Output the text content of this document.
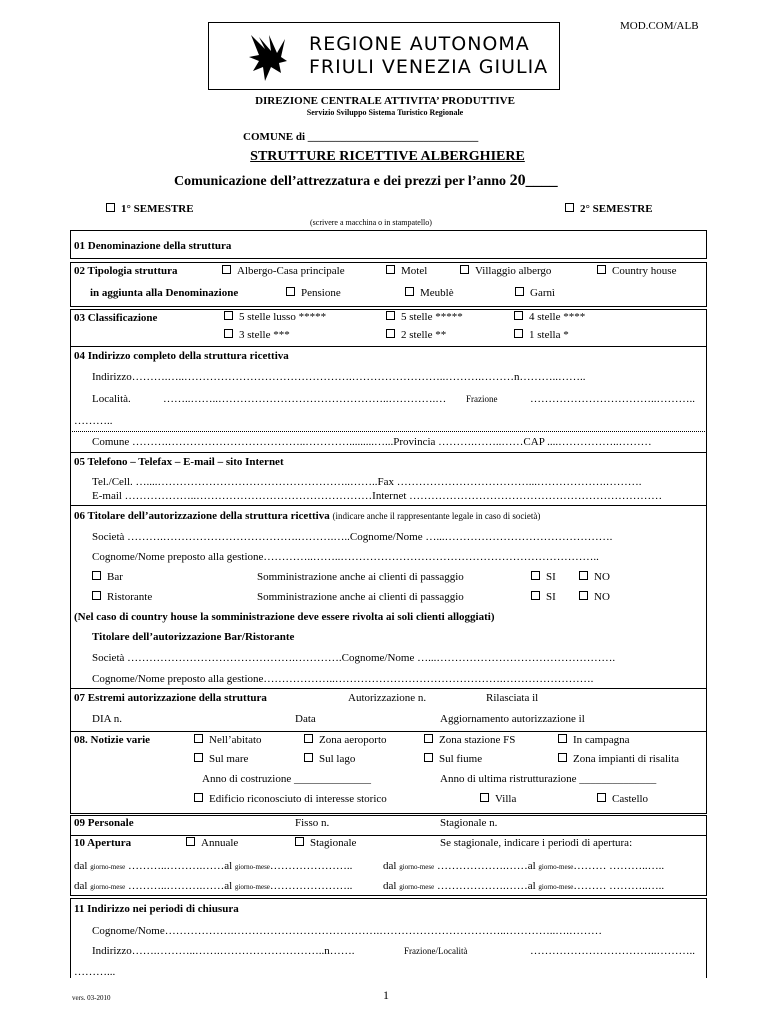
MOD.COM/ALB
REGIONE AUTONOMA
FRIULI VENEZIA GIULIA
DIREZIONE CENTRALE ATTIVITA’ PRODUTTIVE
Servizio Sviluppo Sistema Turistico Regionale
COMUNE di _______________________________
STRUTTURE RICETTIVE ALBERGHIERE
Comunicazione dell’attrezzatura e dei prezzi per l’anno 20____
1° SEMESTRE	2° SEMESTRE
(scrivere a macchina o in stampatello)
01 Denominazione della struttura
02 Tipologia struttura	Albergo-Casa principale	Motel	Villaggio albergo	Country house
in aggiunta alla Denominazione	Pensione	Meublè	Garnì
03 Classificazione	5 stelle lusso *****	5 stelle *****	4 stelle ****
3 stelle ***	2 stelle **	1 stella *
04 Indirizzo completo della struttura ricettiva
Indirizzo……….…..……………………………………….……………………..……….………n………..……..
Località.	……..……..………………………………………..………….… Frazione	……………………………..………..
………..
Comune ……….………………………………..………….........…...Provincia ……….……..……CAP ....……………..………
05 Telefono – Telefax – E-mail – sito Internet
Tel./Cell. …....……………………………………………..……..Fax ………………………………...……………….……….
E-mail ………………..…………………………………………Internet ……………………………………………………………
06 Titolare dell’autorizzazione della struttura ricettiva (indicare anche il rappresentante legale in caso di società)
Società ……….……………………………….……….…..Cognome/Nome …...……………………………………….
Cognome/Nome preposto alla gestione…………..……..……………………………………………………………..
Bar	Somministrazione anche ai clienti di passaggio	SI	NO
Ristorante	Somministrazione anche ai clienti di passaggio	SI	NO
(Nel caso di country house la somministrazione deve essere rivolta ai soli clienti alloggiati)
Titolare dell’autorizzazione Bar/Ristorante
Società ……………………………………….………….Cognome/Nome …...………………………………………….
Cognome/Nome preposto alla gestione………………..……………………………………….…………………….
07 Estremi autorizzazione della struttura	Autorizzazione n.	Rilasciata il
DIA n.	Data	Aggiornamento autorizzazione il
08. Notizie varie	Nell’abitato	Zona aeroporto	Zona stazione FS	In campagna
Sul mare	Sul lago	Sul fiume	Zona impianti di risalita
Anno di costruzione ______________	Anno di ultima ristrutturazione ______________
Edificio riconosciuto di interesse storico	Villa	Castello
09 Personale	Fisso n.	Stagionale n.
10 Apertura	Annuale	Stagionale	Se stagionale, indicare i periodi di apertura:
dal giorno-mese ………..……….……al giorno-mese…………………..	dal giorno-mese ……………….……al giorno-mese……… ………..…..
dal giorno-mese ………..……….……al giorno-mese…………………..	dal giorno-mese ……………….……al giorno-mese……… ………..…..
11 Indirizzo nei periodi di chiusura
Cognome/Nome……………….………………………………….……………………………..…………..….………
Indirizzo…….………..…….………………………..n…….	Frazione/Località	……………………………..………..
………...
vers. 03-2010	1
